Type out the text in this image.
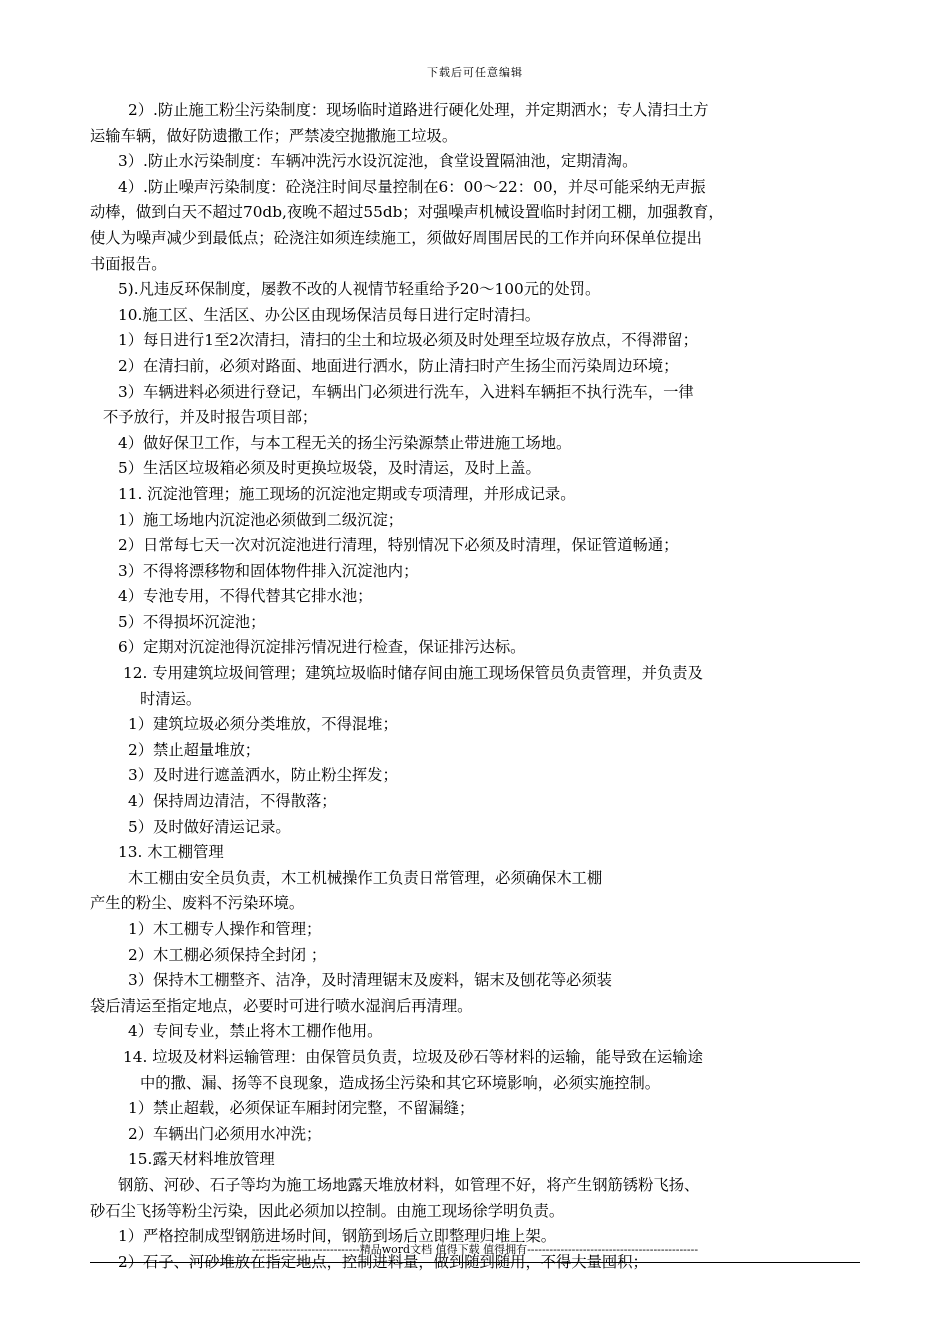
下载后可任意编辑
2）.防止施工粉尘污染制度：现场临时道路进行硬化处理，并定期洒水；专人清扫土方
运输车辆，做好防遗撒工作；严禁凌空抛撒施工垃圾。
3）.防止水污染制度：车辆冲洗污水设沉淀池，食堂设置隔油池，定期清淘。
4）.防止噪声污染制度：砼浇注时间尽量控制在6：00～22：00，并尽可能采纳无声振
动棒，做到白天不超过70db,夜晚不超过55db；对强噪声机械设置临时封闭工棚，加强教育，
使人为噪声减少到最低点；砼浇注如须连续施工，须做好周围居民的工作并向环保单位提出
书面报告。
5).凡违反环保制度，屡教不改的人视情节轻重给予20～100元的处罚。
10.施工区、生活区、办公区由现场保洁员每日进行定时清扫。
1）每日进行1至2次清扫，清扫的尘土和垃圾必须及时处理至垃圾存放点，不得滞留；
2）在清扫前，必须对路面、地面进行洒水，防止清扫时产生扬尘而污染周边环境；
3）车辆进料必须进行登记，车辆出门必须进行洗车，入进料车辆拒不执行洗车，一律
不予放行，并及时报告项目部；
4）做好保卫工作，与本工程无关的扬尘污染源禁止带进施工场地。
5）生活区垃圾箱必须及时更换垃圾袋，及时清运，及时上盖。
11. 沉淀池管理；施工现场的沉淀池定期或专项清理，并形成记录。
1）施工场地内沉淀池必须做到二级沉淀；
2）日常每七天一次对沉淀池进行清理，特别情况下必须及时清理，保证管道畅通；
3）不得将漂移物和固体物件排入沉淀池内；
4）专池专用，不得代替其它排水池；
5）不得损坏沉淀池；
6）定期对沉淀池得沉淀排污情况进行检查，保证排污达标。
12. 专用建筑垃圾间管理；建筑垃圾临时储存间由施工现场保管员负责管理，并负责及
时清运。
1）建筑垃圾必须分类堆放，不得混堆；
2）禁止超量堆放；
3）及时进行遮盖洒水，防止粉尘挥发；
4）保持周边清洁，不得散落；
5）及时做好清运记录。
13. 木工棚管理
木工棚由安全员负责，木工机械操作工负责日常管理，必须确保木工棚
产生的粉尘、废料不污染环境。
1）木工棚专人操作和管理；
2）木工棚必须保持全封闭 ；
3）保持木工棚整齐、洁净，及时清理锯末及废料，锯末及刨花等必须装
袋后清运至指定地点，必要时可进行喷水湿润后再清理。
4）专间专业，禁止将木工棚作他用。
14. 垃圾及材料运输管理：由保管员负责，垃圾及砂石等材料的运输，能导致在运输途
中的撒、漏、扬等不良现象，造成扬尘污染和其它环境影响，必须实施控制。
1）禁止超载，必须保证车厢封闭完整，不留漏缝；
2）车辆出门必须用水冲洗；
15.露天材料堆放管理
钢筋、河砂、石子等均为施工场地露天堆放材料，如管理不好，将产生钢筋锈粉飞扬、
砂石尘飞扬等粉尘污染，因此必须加以控制。由施工现场徐学明负责。
1）严格控制成型钢筋进场时间，钢筋到场后立即整理归堆上架。
2）石子、河砂堆放在指定地点，控制进料量，做到随到随用，不得大量囤积；
-----------------------------精品word文档 值得下载 值得拥有----------------------------------------------
